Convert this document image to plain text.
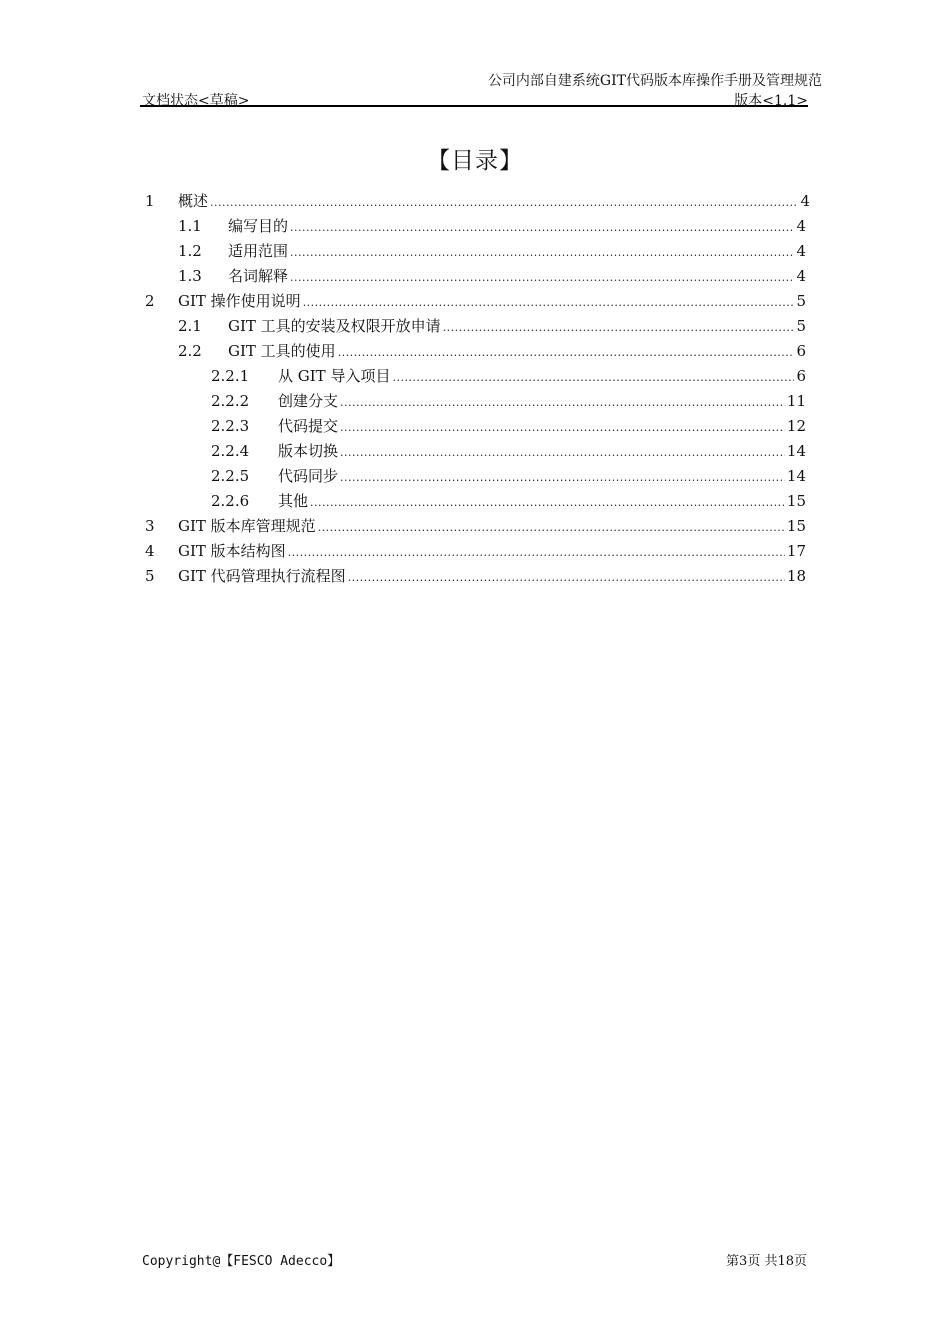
公司内部自建系统GIT代码版本库操作手册及管理规范
文档状态<草稿>	版本<1.1>
【目录】
1	概述 .....	4
1.1	编写目的 .....	4
1.2	适用范围 .....	4
1.3	名词解释 .....	4
2	GIT 操作使用说明 .....	5
2.1	GIT 工具的安装及权限开放申请 .....	5
2.2	GIT 工具的使用 .....	6
2.2.1	从 GIT 导入项目 .....	6
2.2.2	创建分支 .....	11
2.2.3	代码提交 .....	12
2.2.4	版本切换 .....	14
2.2.5	代码同步 .....	14
2.2.6	其他 .....	15
3	GIT 版本库管理规范 .....	15
4	GIT 版本结构图 .....	17
5	GIT 代码管理执行流程图 .....	18
Copyright@【FESCO Adecco】	第3页 共18页
